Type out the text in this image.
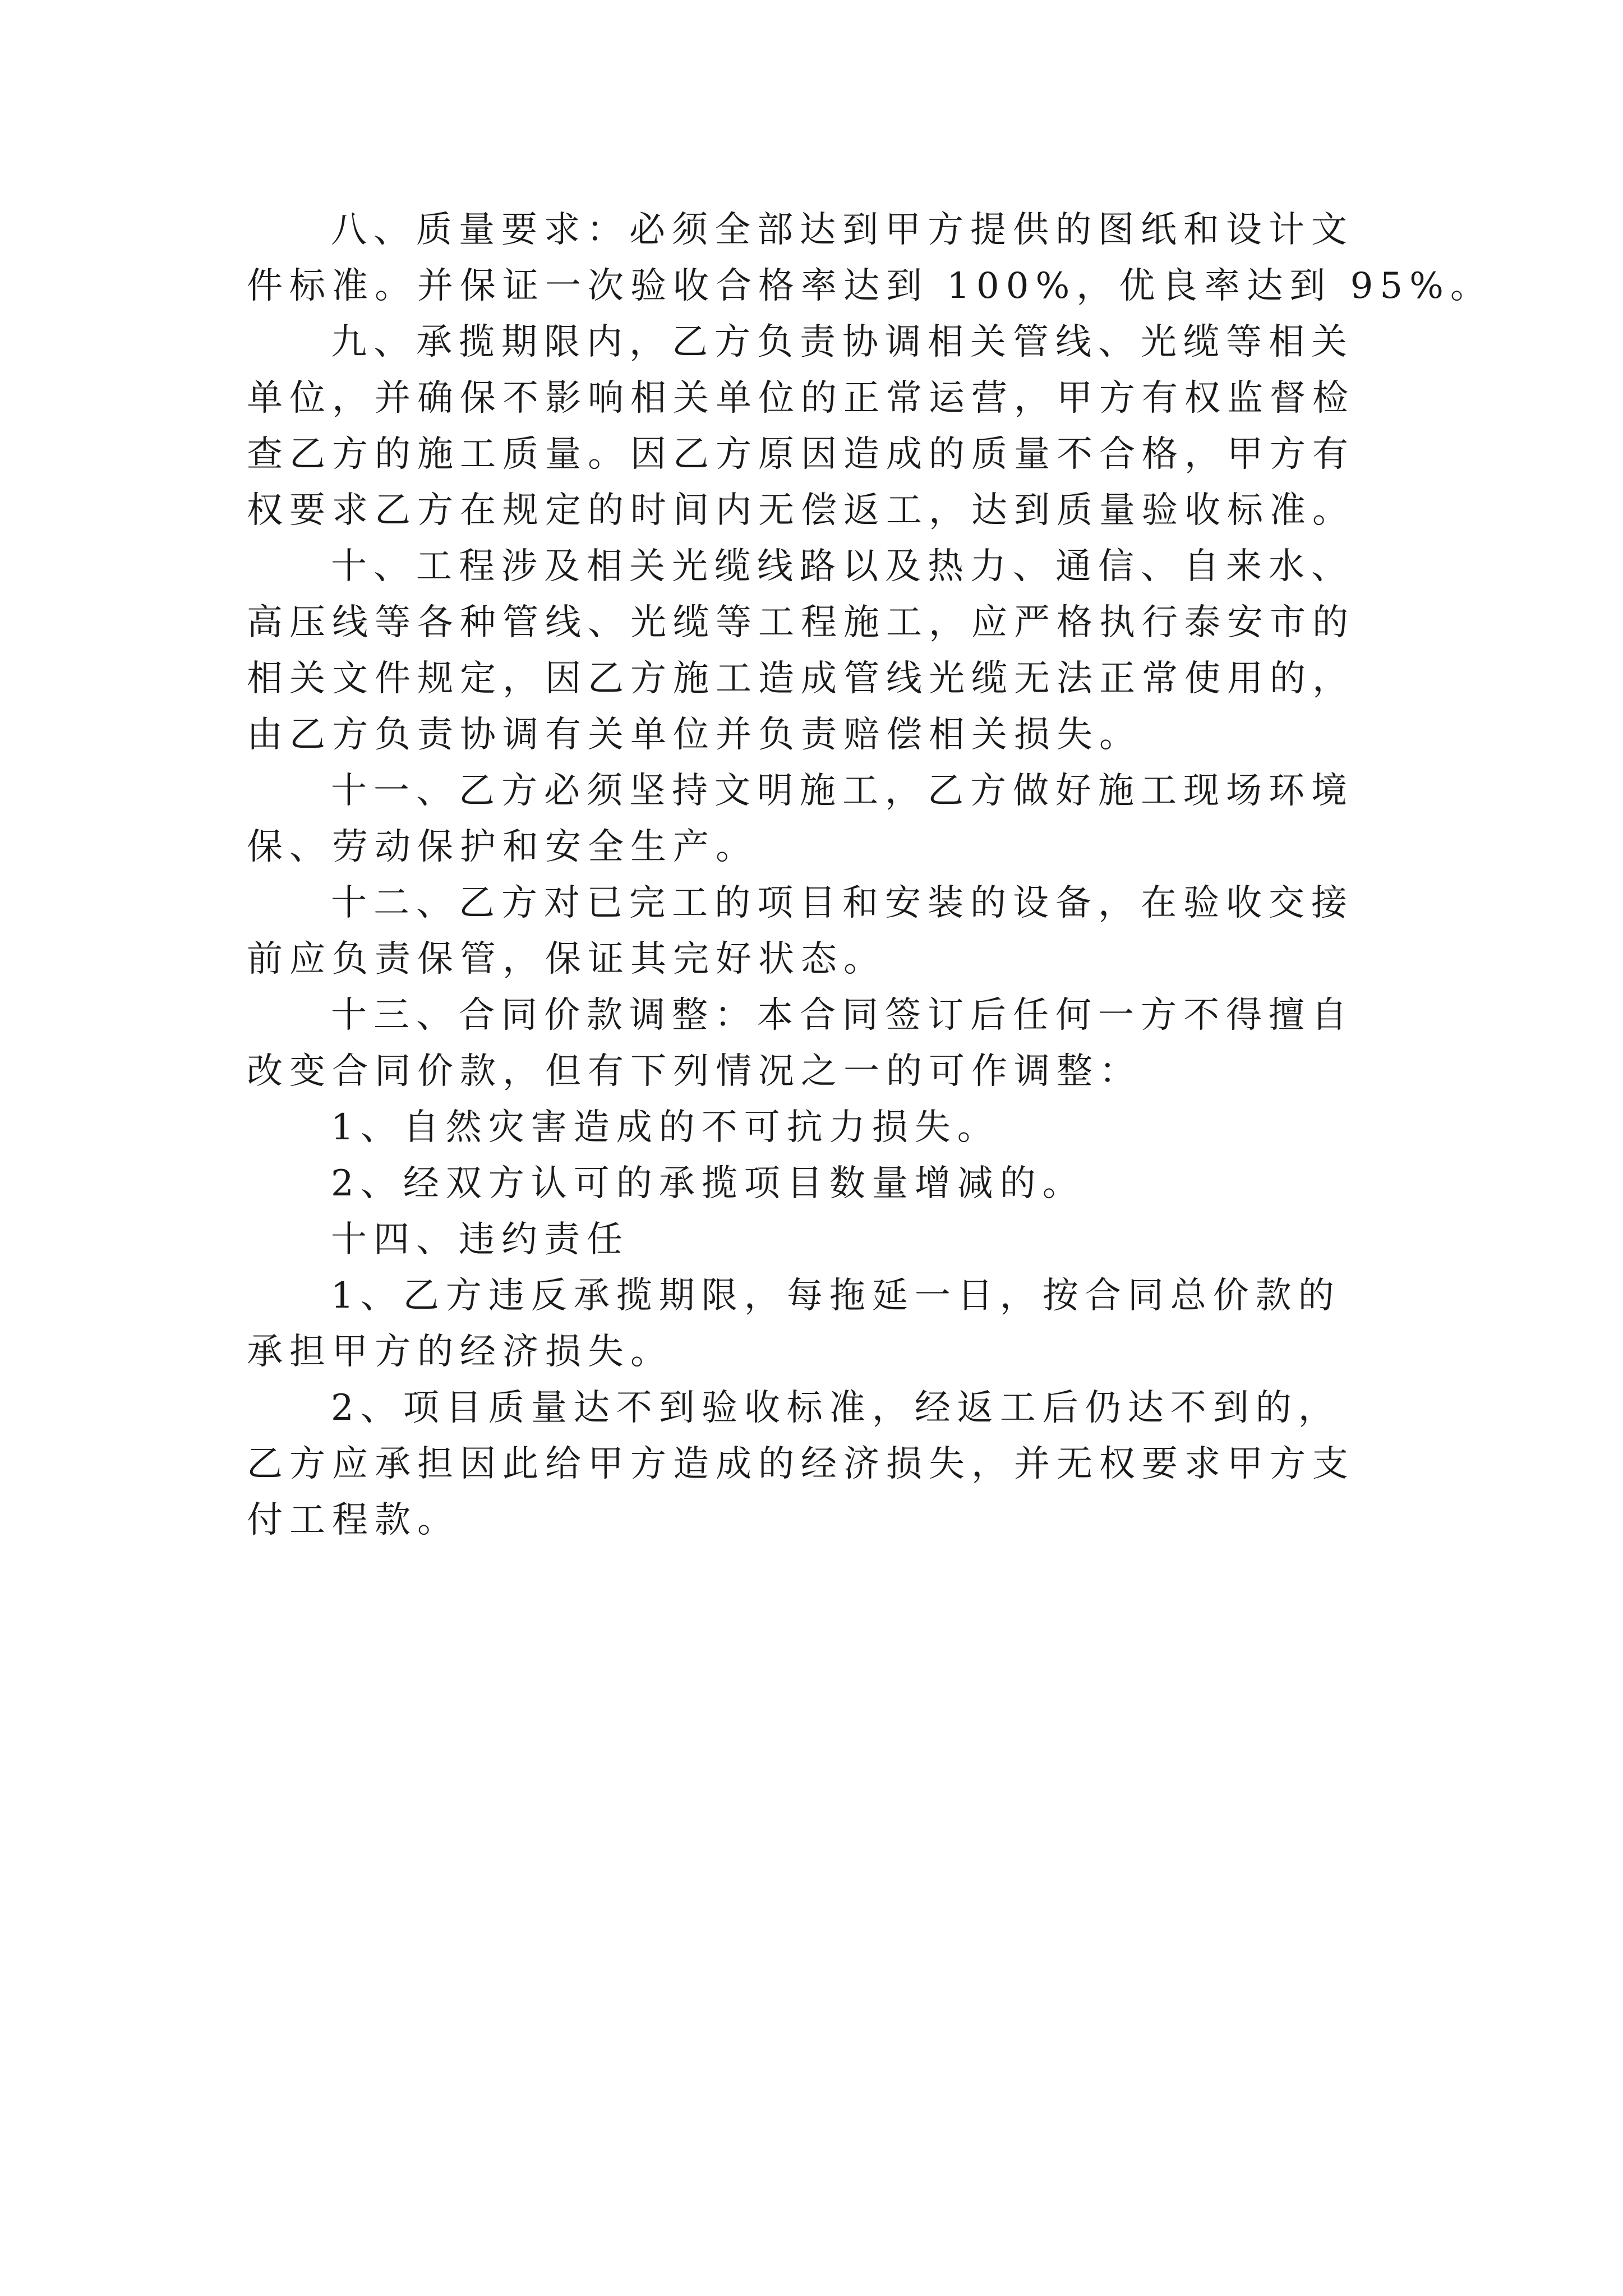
八、质量要求：必须全部达到甲方提供的图纸和设计文
件标准。并保证一次验收合格率达到 100%，优良率达到 95%。
九、承揽期限内，乙方负责协调相关管线、光缆等相关
单位，并确保不影响相关单位的正常运营，甲方有权监督检
查乙方的施工质量。因乙方原因造成的质量不合格，甲方有
权要求乙方在规定的时间内无偿返工，达到质量验收标准。
十、工程涉及相关光缆线路以及热力、通信、自来水、
高压线等各种管线、光缆等工程施工，应严格执行泰安市的
相关文件规定，因乙方施工造成管线光缆无法正常使用的，
由乙方负责协调有关单位并负责赔偿相关损失。
十一、乙方必须坚持文明施工，乙方做好施工现场环境
保、劳动保护和安全生产。
十二、乙方对已完工的项目和安装的设备，在验收交接
前应负责保管，保证其完好状态。
十三、合同价款调整：本合同签订后任何一方不得擅自
改变合同价款，但有下列情况之一的可作调整：
1、自然灾害造成的不可抗力损失。
2、经双方认可的承揽项目数量增减的。
十四、违约责任
1、乙方违反承揽期限，每拖延一日，按合同总价款的
承担甲方的经济损失。
2、项目质量达不到验收标准，经返工后仍达不到的，
乙方应承担因此给甲方造成的经济损失，并无权要求甲方支
付工程款。
